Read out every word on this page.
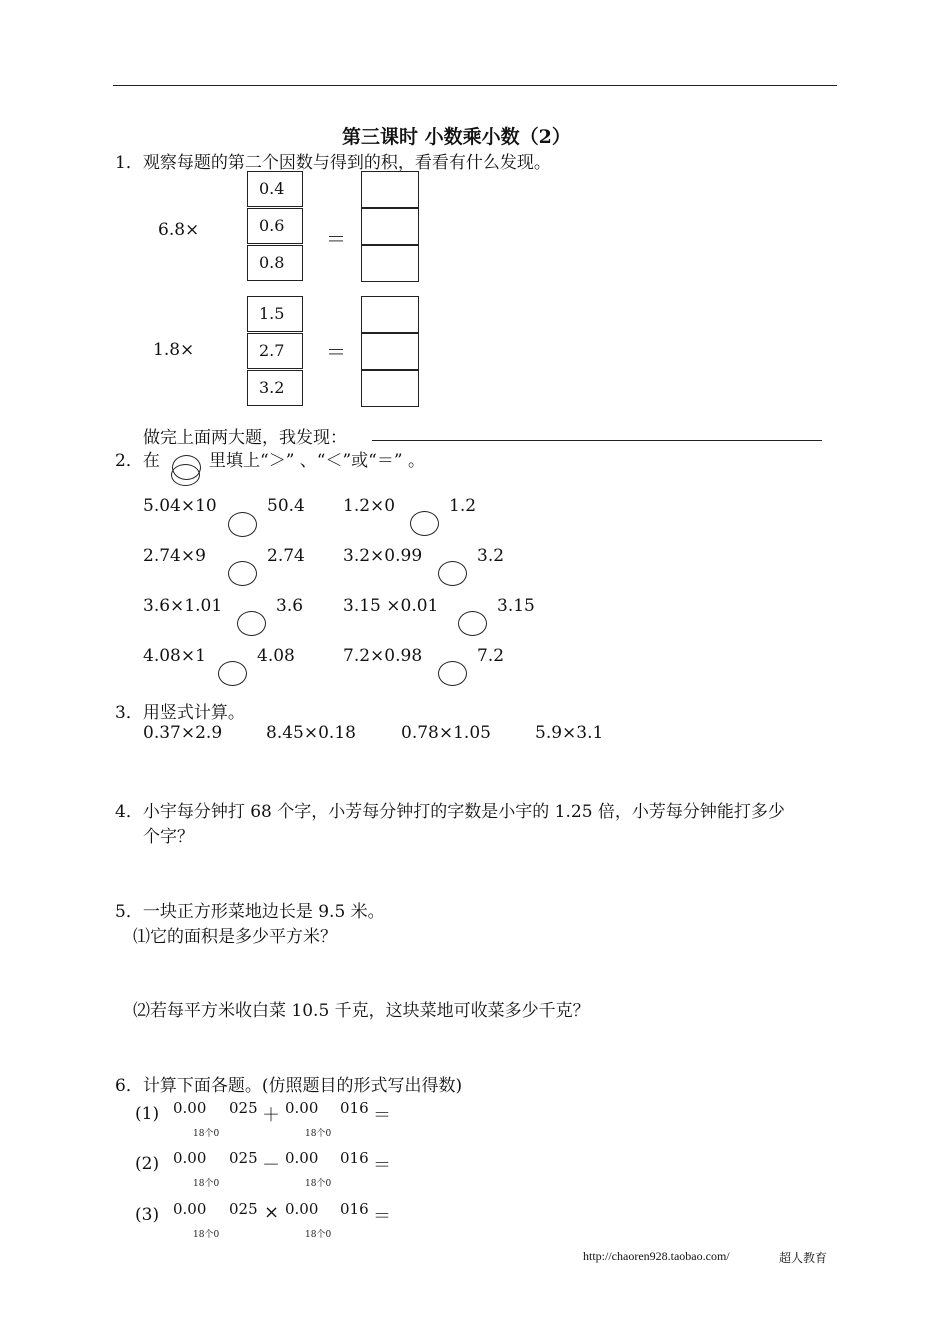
第三课时 小数乘小数（2）
1．观察每题的第二个因数与得到的积，看看有什么发现。
6.8×
0.4
0.6
0.8
＝
1.8×
1.5
2.7
3.2
＝
做完上面两大题，我发现：
2．在	里填上“＞” 、“＜”或“＝” 。
5.04×10	50.4 1.2×0	1.2
2.74×9	2.74 3.2×0.99	3.2
3.6×1.01	3.6 3.15 ×0.01	3.15
4.08×1	4.08	7.2×0.98	7.2
3．用竖式计算。
0.37×2.9	8.45×0.18	0.78×1.05	5.9×3.1
4．小宇每分钟打 68 个字，小芳每分钟打的字数是小宇的 1.25 倍，小芳每分钟能打多少
个字？
5．一块正方形菜地边长是 9.5 米。
⑴它的面积是多少平方米？
⑵若每平方米收白菜 10.5 千克，这块菜地可收菜多少千克？
6．计算下面各题。(仿照题目的形式写出得数)
(1) 0.00 025
18个0
＋ 0.00 016
18个0
＝
(2) 0.00 025
18个0
－ 0.00 016
18个0
＝
(3) 0.00 025
18个0
× 0.00 016
18个0
＝
http://chaoren928.taobao.com/	超人教育
